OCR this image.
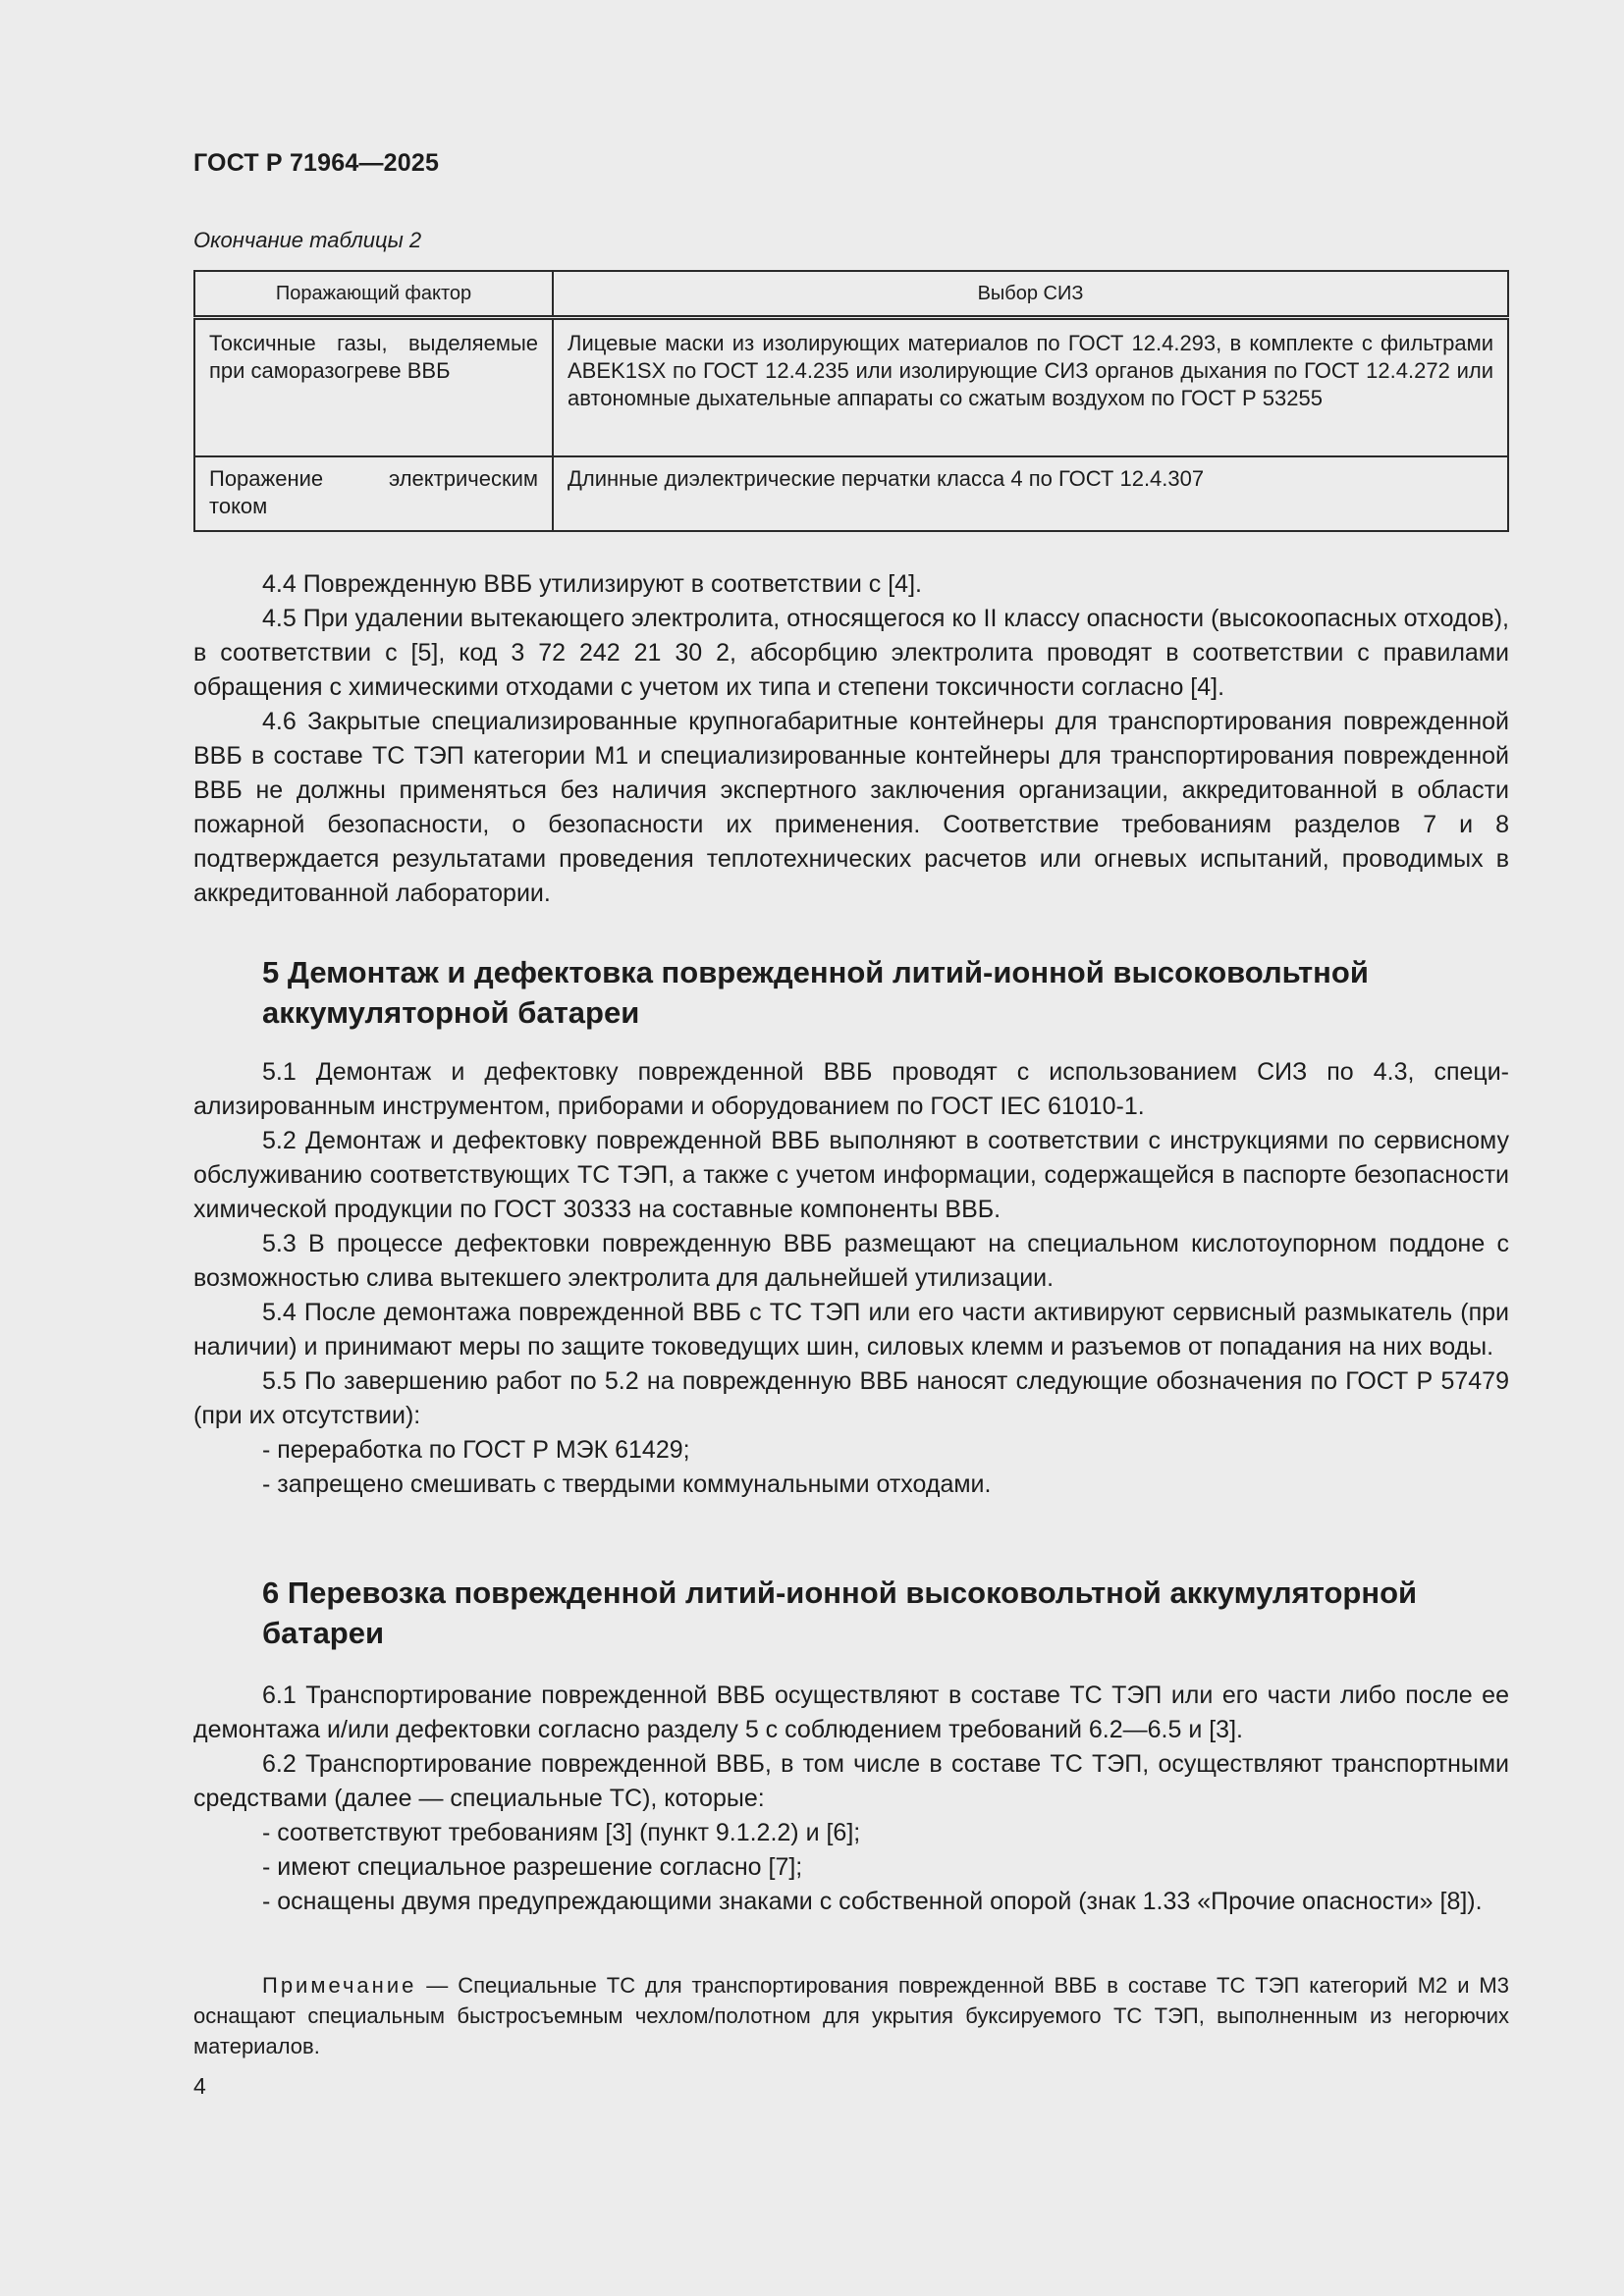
ГОСТ Р 71964—2025
Окончание таблицы 2
Поражающий фактор	Выбор СИЗ
Токсичные газы, выделяемые при саморазогреве ВВБ	Лицевые маски из изолирующих материалов по ГОСТ 12.4.293, в комплекте с фильтрами ABEK1SX по ГОСТ 12.4.235 или изолирующие СИЗ органов дыхания по ГОСТ 12.4.272 или автономные дыхательные аппараты со сжатым воздухом по ГОСТ Р 53255
Поражение электрическим током	Длинные диэлектрические перчатки класса 4 по ГОСТ 12.4.307

4.4 Поврежденную ВВБ утилизируют в соответствии с [4].

4.5 При удалении вытекающего электролита, относящегося ко II классу опасности (высокоопасных отходов), в соответствии с [5], код 3 72 242 21 30 2, абсорбцию электролита проводят в соответствии с правилами обращения с химическими отходами с учетом их типа и степени токсичности согласно [4].

4.6 Закрытые специализированные крупногабаритные контейнеры для транспортирования поврежденной ВВБ в составе ТС ТЭП категории М1 и специализированные контейнеры для транспортирования поврежденной ВВБ не должны применяться без наличия экспертного заключения организации, аккредитованной в области пожарной безопасности, о безопасности их применения. Соответствие требованиям разделов 7 и 8 подтверждается результатами проведения теплотехнических расчетов или огневых испытаний, проводимых в аккредитованной лаборатории.

5 Демонтаж и дефектовка поврежденной литий-ионной высоковольтной аккумуляторной батареи

5.1 Демонтаж и дефектовку поврежденной ВВБ проводят с использованием СИЗ по 4.3, специализированным инструментом, приборами и оборудованием по ГОСТ IEC 61010-1.

5.2 Демонтаж и дефектовку поврежденной ВВБ выполняют в соответствии с инструкциями по сервисному обслуживанию соответствующих ТС ТЭП, а также с учетом информации, содержащейся в паспорте безопасности химической продукции по ГОСТ 30333 на составные компоненты ВВБ.

5.3 В процессе дефектовки поврежденную ВВБ размещают на специальном кислотоупорном поддоне с возможностью слива вытекшего электролита для дальнейшей утилизации.

5.4 После демонтажа поврежденной ВВБ с ТС ТЭП или его части активируют сервисный размыкатель (при наличии) и принимают меры по защите токоведущих шин, силовых клемм и разъемов от попадания на них воды.

5.5 По завершению работ по 5.2 на поврежденную ВВБ наносят следующие обозначения по ГОСТ Р 57479 (при их отсутствии):

- переработка по ГОСТ Р МЭК 61429;

- запрещено смешивать с твердыми коммунальными отходами.

6 Перевозка поврежденной литий-ионной высоковольтной аккумуляторной батареи

6.1 Транспортирование поврежденной ВВБ осуществляют в составе ТС ТЭП или его части либо после ее демонтажа и/или дефектовки согласно разделу 5 с соблюдением требований 6.2—6.5 и [3].

6.2 Транспортирование поврежденной ВВБ, в том числе в составе ТС ТЭП, осуществляют транспортными средствами (далее — специальные ТС), которые:

- соответствуют требованиям [3] (пункт 9.1.2.2) и [6];

- имеют специальное разрешение согласно [7];

- оснащены двумя предупреждающими знаками с собственной опорой (знак 1.33 «Прочие опасности» [8]).

Примечание — Специальные ТС для транспортирования поврежденной ВВБ в составе ТС ТЭП категорий М2 и М3 оснащают специальным быстросъемным чехлом/полотном для укрытия буксируемого ТС ТЭП, выполненным из негорючих материалов.
4
